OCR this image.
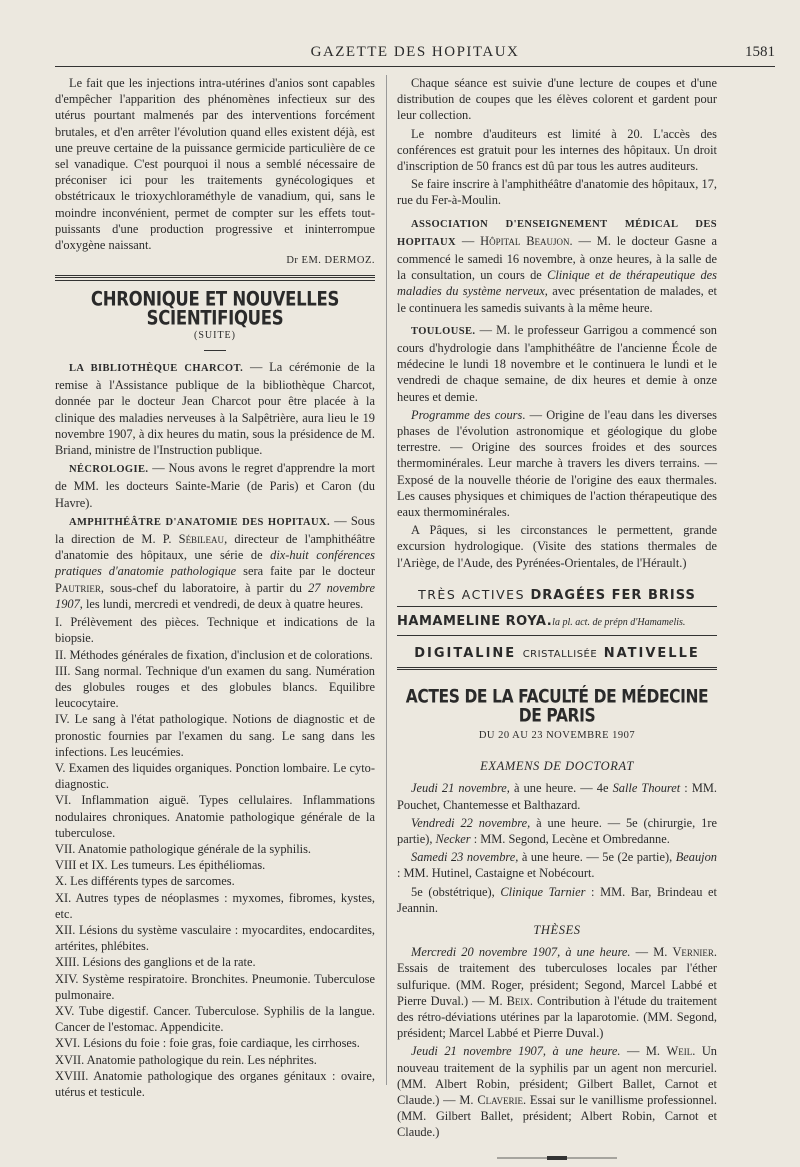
GAZETTE DES HOPITAUX	1581

Le fait que les injections intra-utérines d'anios sont capables d'empêcher l'apparition des phénomènes infectieux sur des utérus pourtant malmenés par des interventions forcément brutales, et d'en arrêter l'évolution quand elles existent déjà, est une preuve certaine de la puissance germicide particulière de ce sel vanadique. C'est pourquoi il nous a semblé nécessaire de préconiser ici pour les traitements gynécologiques et obstétricaux le trioxychloraméthyle de vanadium, qui, sans le moindre inconvénient, permet de compter sur les effets tout-puissants d'une production progressive et ininterrompue d'oxygène naissant.
Dr EM. DERMOZ.

CHRONIQUE ET NOUVELLES SCIENTIFIQUES
(SUITE)

LA BIBLIOTHÈQUE CHARCOT. — La cérémonie de la remise à l'Assistance publique de la bibliothèque Charcot, donnée par le docteur Jean Charcot pour être placée à la clinique des maladies nerveuses à la Salpêtrière, aura lieu le 19 novembre 1907, à dix heures du matin, sous la présidence de M. Briand, ministre de l'Instruction publique.

NÉCROLOGIE. — Nous avons le regret d'apprendre la mort de MM. les docteurs Sainte-Marie (de Paris) et Caron (du Havre).

AMPHITHÉÂTRE D'ANATOMIE DES HOPITAUX. — Sous la direction de M. P. Sébileau, directeur de l'amphithéâtre d'anatomie des hôpitaux, une série de dix-huit conférences pratiques d'anatomie pathologique sera faite par le docteur Pautrier, sous-chef du laboratoire, à partir du 27 novembre 1907, les lundi, mercredi et vendredi, de deux à quatre heures.

I. Prélèvement des pièces. Technique et indications de la biopsie.

II. Méthodes générales de fixation, d'inclusion et de colorations.

III. Sang normal. Technique d'un examen du sang. Numération des globules rouges et des globules blancs. Equilibre leucocytaire.

IV. Le sang à l'état pathologique. Notions de diagnostic et de pronostic fournies par l'examen du sang. Le sang dans les infections. Les leucémies.

V. Examen des liquides organiques. Ponction lombaire. Le cyto-diagnostic.

VI. Inflammation aiguë. Types cellulaires. Inflammations nodulaires chroniques. Anatomie pathologique générale de la tuberculose.

VII. Anatomie pathologique générale de la syphilis.

VIII et IX. Les tumeurs. Les épithéliomas.

X. Les différents types de sarcomes.

XI. Autres types de néoplasmes : myxomes, fibromes, kystes, etc.

XII. Lésions du système vasculaire : myocardites, endocardites, artérites, phlébites.

XIII. Lésions des ganglions et de la rate.

XIV. Système respiratoire. Bronchites. Pneumonie. Tuberculose pulmonaire.

XV. Tube digestif. Cancer. Tuberculose. Syphilis de la langue. Cancer de l'estomac. Appendicite.

XVI. Lésions du foie : foie gras, foie cardiaque, les cirrhoses.

XVII. Anatomie pathologique du rein. Les néphrites.

XVIII. Anatomie pathologique des organes génitaux : ovaire, utérus et testicule.

Chaque séance est suivie d'une lecture de coupes et d'une distribution de coupes que les élèves colorent et gardent pour leur collection.

Le nombre d'auditeurs est limité à 20. L'accès des conférences est gratuit pour les internes des hôpitaux. Un droit d'inscription de 50 francs est dû par tous les autres auditeurs.

Se faire inscrire à l'amphithéâtre d'anatomie des hôpitaux, 17, rue du Fer-à-Moulin.

ASSOCIATION D'ENSEIGNEMENT MÉDICAL DES HOPITAUX — Hôpital Beaujon. — M. le docteur Gasne a commencé le samedi 16 novembre, à onze heures, à la salle de la consultation, un cours de Clinique et de thérapeutique des maladies du système nerveux, avec présentation de malades, et le continuera les samedis suivants à la même heure.

TOULOUSE. — M. le professeur Garrigou a commencé son cours d'hydrologie dans l'amphithéâtre de l'ancienne École de médecine le lundi 18 novembre et le continuera le lundi et le vendredi de chaque semaine, de dix heures et demie à onze heures et demie.

Programme des cours. — Origine de l'eau dans les diverses phases de l'évolution astronomique et géologique du globe terrestre. — Origine des sources froides et des sources thermominérales. Leur marche à travers les divers terrains. — Exposé de la nouvelle théorie de l'origine des eaux thermales. Les causes physiques et chimiques de l'action thérapeutique des eaux thermominérales.

A Pâques, si les circonstances le permettent, grande excursion hydrologique. (Visite des stations thermales de l'Ariège, de l'Aude, des Pyrénées-Orientales, de l'Hérault.)

TRÈS ACTIVES DRAGÉES FER BRISS
HAMAMELINE ROYA.la pl. act. de prépn d'Hamamelis.
DIGITALINE CRISTALLISÉE NATIVELLE
ACTES DE LA FACULTÉ DE MÉDECINE DE PARIS
DU 20 AU 23 NOVEMBRE 1907
EXAMENS DE DOCTORAT

Jeudi 21 novembre, à une heure. — 4e Salle Thouret : MM. Pouchet, Chantemesse et Balthazard.

Vendredi 22 novembre, à une heure. — 5e (chirurgie, 1re partie), Necker : MM. Segond, Lecène et Ombredanne.

Samedi 23 novembre, à une heure. — 5e (2e partie), Beaujon : MM. Hutinel, Castaigne et Nobécourt.

5e (obstétrique), Clinique Tarnier : MM. Bar, Brindeau et Jeannin.

THÈSES

Mercredi 20 novembre 1907, à une heure. — M. Vernier. Essais de traitement des tuberculoses locales par l'éther sulfurique. (MM. Roger, président; Segond, Marcel Labbé et Pierre Duval.) — M. Beix. Contribution à l'étude du traitement des rétro-déviations utérines par la laparotomie. (MM. Segond, président; Marcel Labbé et Pierre Duval.)

Jeudi 21 novembre 1907, à une heure. — M. Weil. Un nouveau traitement de la syphilis par un agent non mercuriel. (MM. Albert Robin, président; Gilbert Ballet, Carnot et Claude.) — M. Claverie. Essai sur le vanillisme professionnel. (MM. Gilbert Ballet, président; Albert Robin, Carnot et Claude.)
